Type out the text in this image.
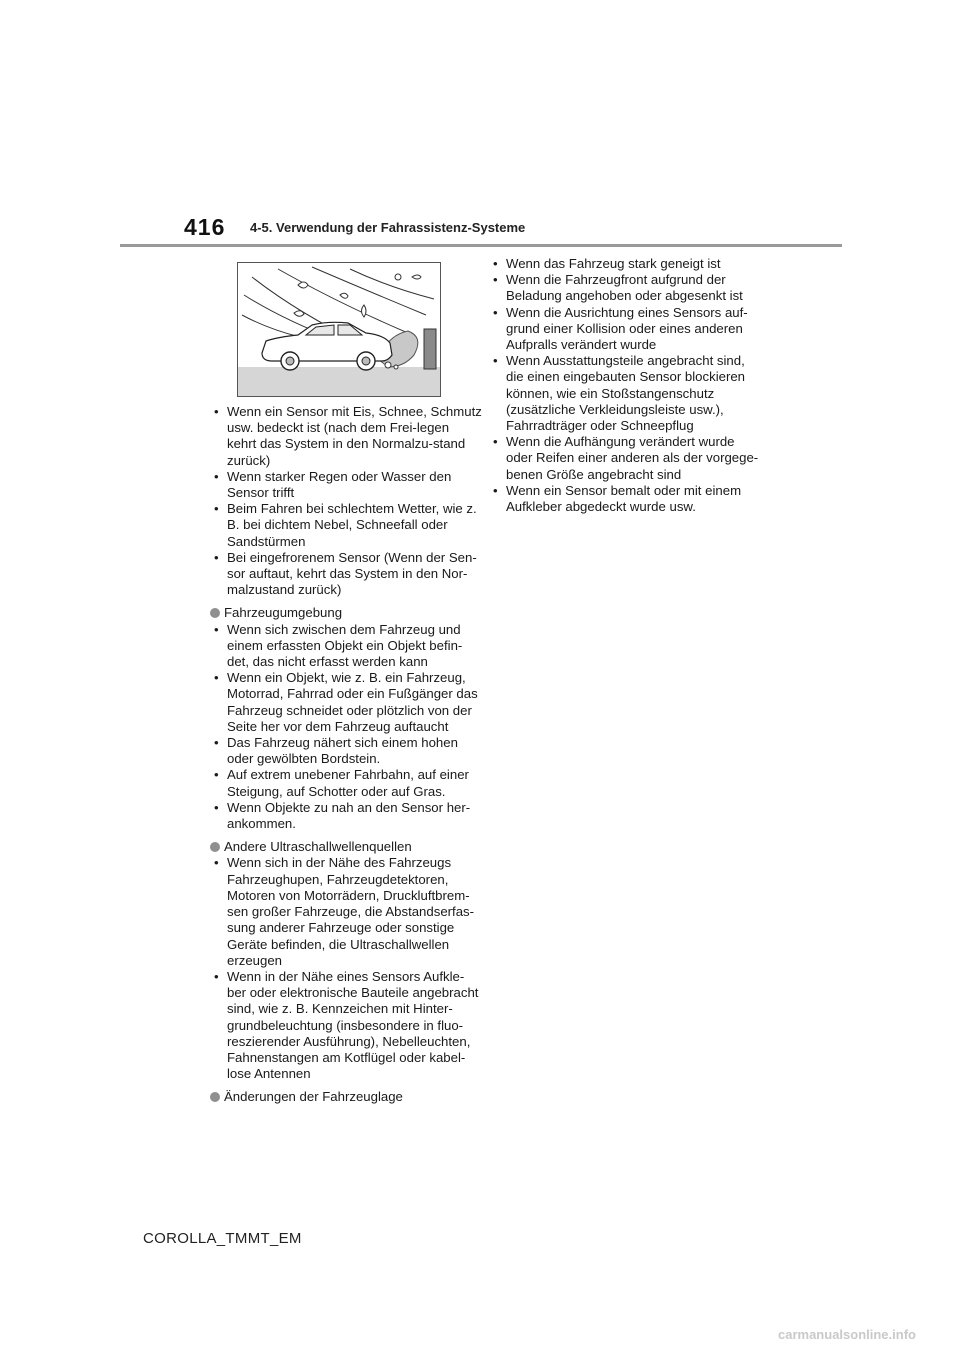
416 4-5. Verwendung der Fahrassistenz-Systeme
• Wenn ein Sensor mit Eis, Schnee, Schmutz usw. bedeckt ist (nach dem Frei-legen kehrt das System in den Normalzu-stand zurück)
• Wenn starker Regen oder Wasser den Sensor trifft
• Beim Fahren bei schlechtem Wetter, wie z. B. bei dichtem Nebel, Schneefall oder Sandstürmen
• Bei eingefrorenem Sensor (Wenn der Sen-sor auftaut, kehrt das System in den Nor-malzustand zurück)
Fahrzeugumgebung
• Wenn sich zwischen dem Fahrzeug und einem erfassten Objekt ein Objekt befin-det, das nicht erfasst werden kann
• Wenn ein Objekt, wie z. B. ein Fahrzeug, Motorrad, Fahrrad oder ein Fußgänger das Fahrzeug schneidet oder plötzlich von der Seite her vor dem Fahrzeug auftaucht
• Das Fahrzeug nähert sich einem hohen oder gewölbten Bordstein.
• Auf extrem unebener Fahrbahn, auf einer Steigung, auf Schotter oder auf Gras.
• Wenn Objekte zu nah an den Sensor her-ankommen.
Andere Ultraschallwellenquellen
• Wenn sich in der Nähe des Fahrzeugs Fahrzeughupen, Fahrzeugdetektoren, Motoren von Motorrädern, Druckluftbrem-sen großer Fahrzeuge, die Abstandserfas-sung anderer Fahrzeuge oder sonstige Geräte befinden, die Ultraschallwellen erzeugen
• Wenn in der Nähe eines Sensors Aufkle-ber oder elektronische Bauteile angebracht sind, wie z. B. Kennzeichen mit Hinter-grundbeleuchtung (insbesondere in fluo-reszierender Ausführung), Nebelleuchten, Fahnenstangen am Kotflügel oder kabel-lose Antennen
Änderungen der Fahrzeuglage
• Wenn das Fahrzeug stark geneigt ist
• Wenn die Fahrzeugfront aufgrund der Beladung angehoben oder abgesenkt ist
• Wenn die Ausrichtung eines Sensors auf-grund einer Kollision oder eines anderen Aufpralls verändert wurde
• Wenn Ausstattungsteile angebracht sind, die einen eingebauten Sensor blockieren können, wie ein Stoßstangenschutz (zusätzliche Verkleidungsleiste usw.), Fahrradträger oder Schneepflug
• Wenn die Aufhängung verändert wurde oder Reifen einer anderen als der vorgege-benen Größe angebracht sind
• Wenn ein Sensor bemalt oder mit einem Aufkleber abgedeckt wurde usw.
COROLLA_TMMT_EM
carmanualsonline.info
